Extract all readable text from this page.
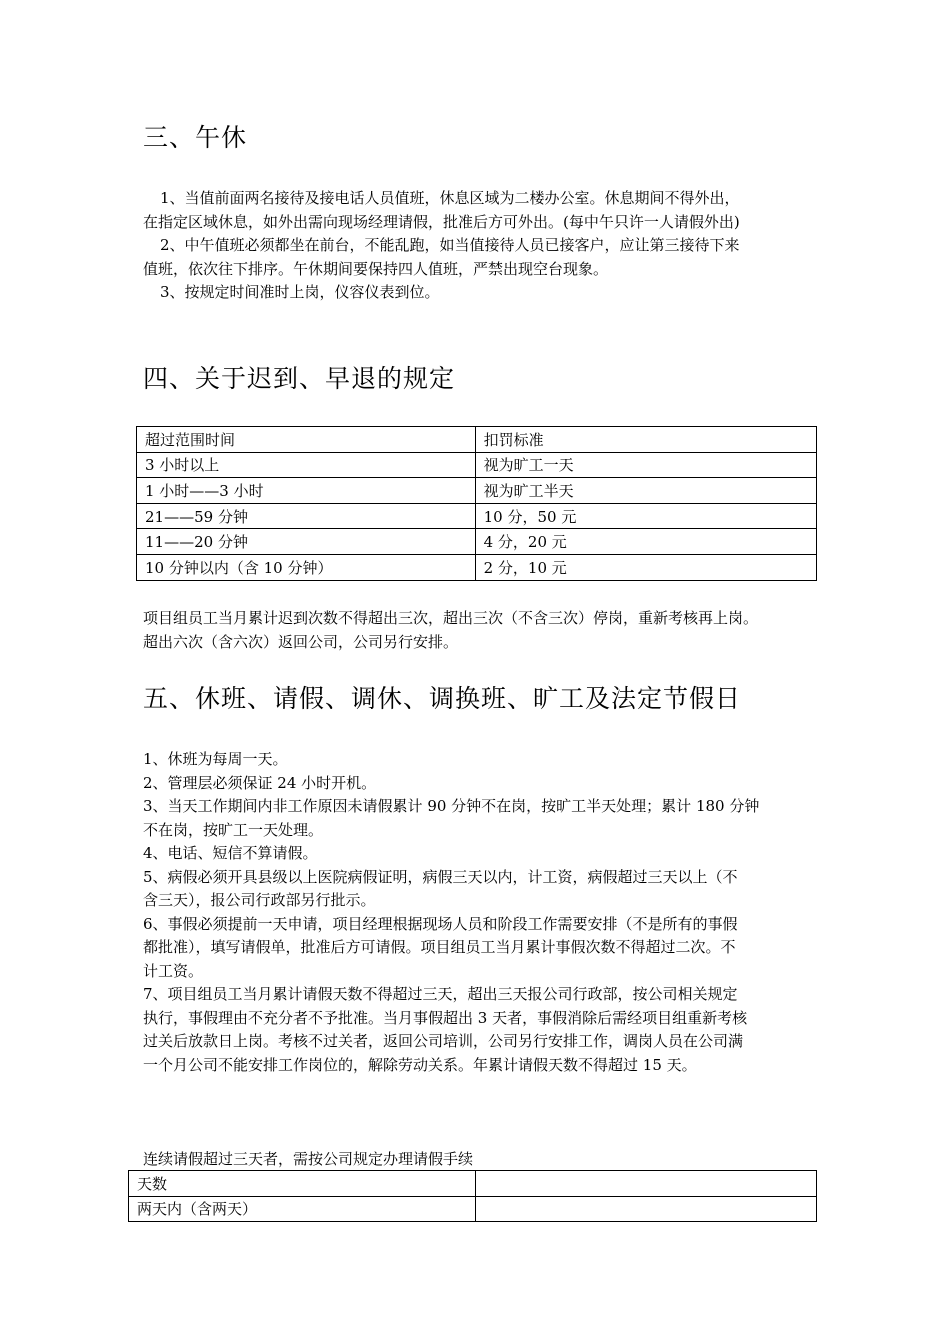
三、午休
1、当值前面两名接待及接电话人员值班，休息区域为二楼办公室。休息期间不得外出，
在指定区域休息，如外出需向现场经理请假，批准后方可外出。(每中午只许一人请假外出)
2、中午值班必须都坐在前台，不能乱跑，如当值接待人员已接客户，应让第三接待下来
值班，依次往下排序。午休期间要保持四人值班，严禁出现空台现象。
3、按规定时间准时上岗，仪容仪表到位。
四、关于迟到、早退的规定
超过范围时间	扣罚标准
3 小时以上	视为旷工一天
1 小时——3 小时	视为旷工半天
21——59 分钟	10 分，50 元
11——20 分钟	4 分，20 元
10 分钟以内（含 10 分钟）	2 分，10 元
项目组员工当月累计迟到次数不得超出三次，超出三次（不含三次）停岗，重新考核再上岗。
超出六次（含六次）返回公司，公司另行安排。
五、休班、请假、调休、调换班、旷工及法定节假日
1、休班为每周一天。
2、管理层必须保证 24 小时开机。
3、当天工作期间内非工作原因未请假累计 90 分钟不在岗，按旷工半天处理；累计 180 分钟
不在岗，按旷工一天处理。
4、电话、短信不算请假。
5、病假必须开具县级以上医院病假证明，病假三天以内，计工资，病假超过三天以上（不
含三天），报公司行政部另行批示。
6、事假必须提前一天申请，项目经理根据现场人员和阶段工作需要安排（不是所有的事假
都批准），填写请假单，批准后方可请假。项目组员工当月累计事假次数不得超过二次。不
计工资。
7、项目组员工当月累计请假天数不得超过三天，超出三天报公司行政部，按公司相关规定
执行，事假理由不充分者不予批准。当月事假超出 3 天者，事假消除后需经项目组重新考核
过关后放款日上岗。考核不过关者，返回公司培训，公司另行安排工作，调岗人员在公司满
一个月公司不能安排工作岗位的，解除劳动关系。年累计请假天数不得超过 15 天。

连续请假超过三天者，需按公司规定办理请假手续

天数	
两天内（含两天）	
